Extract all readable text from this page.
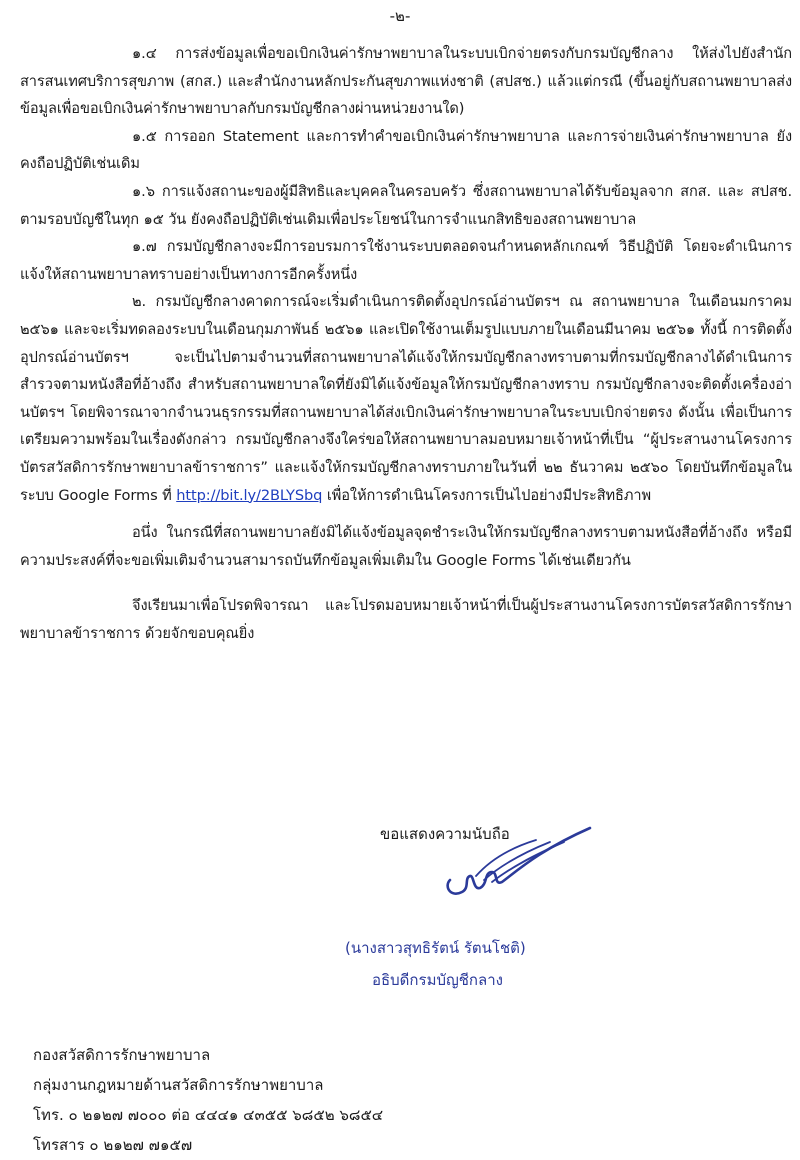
-๒-

๑.๔ การส่งข้อมูลเพื่อขอเบิกเงินค่ารักษาพยาบาลในระบบเบิกจ่ายตรงกับกรมบัญชีกลาง ให้ส่งไปยังสำนักสารสนเทศบริการสุขภาพ (สกส.) และสำนักงานหลักประกันสุขภาพแห่งชาติ (สปสช.) แล้วแต่กรณี (ขึ้นอยู่กับสถานพยาบาลส่งข้อมูลเพื่อขอเบิกเงินค่ารักษาพยาบาลกับกรมบัญชีกลางผ่านหน่วยงานใด)

๑.๕ การออก Statement และการทำคำขอเบิกเงินค่ารักษาพยาบาล และการจ่ายเงินค่ารักษาพยาบาล ยังคงถือปฏิบัติเช่นเดิม

๑.๖ การแจ้งสถานะของผู้มีสิทธิและบุคคลในครอบครัว ซึ่งสถานพยาบาลได้รับข้อมูลจาก สกส. และ สปสช. ตามรอบบัญชีในทุก ๑๕ วัน ยังคงถือปฏิบัติเช่นเดิมเพื่อประโยชน์ในการจำแนกสิทธิของสถานพยาบาล

๑.๗ กรมบัญชีกลางจะมีการอบรมการใช้งานระบบตลอดจนกำหนดหลักเกณฑ์ วิธีปฏิบัติ โดยจะดำเนินการแจ้งให้สถานพยาบาลทราบอย่างเป็นทางการอีกครั้งหนึ่ง

๒. กรมบัญชีกลางคาดการณ์จะเริ่มดำเนินการติดตั้งอุปกรณ์อ่านบัตรฯ ณ สถานพยาบาล ในเดือนมกราคม ๒๕๖๑ และจะเริ่มทดลองระบบในเดือนกุมภาพันธ์ ๒๕๖๑ และเปิดใช้งานเต็มรูปแบบภายในเดือนมีนาคม ๒๕๖๑ ทั้งนี้ การติดตั้งอุปกรณ์อ่านบัตรฯ จะเป็นไปตามจำนวนที่สถานพยาบาลได้แจ้งให้กรมบัญชีกลางทราบตามที่กรมบัญชีกลางได้ดำเนินการสำรวจตามหนังสือที่อ้างถึง สำหรับสถานพยาบาลใดที่ยังมิได้แจ้งข้อมูลให้กรมบัญชีกลางทราบ กรมบัญชีกลางจะติดตั้งเครื่องอ่านบัตรฯ โดยพิจารณาจากจำนวนธุรกรรมที่สถานพยาบาลได้ส่งเบิกเงินค่ารักษาพยาบาลในระบบเบิกจ่ายตรง ดังนั้น เพื่อเป็นการเตรียมความพร้อมในเรื่องดังกล่าว กรมบัญชีกลางจึงใคร่ขอให้สถานพยาบาลมอบหมายเจ้าหน้าที่เป็น “ผู้ประสานงานโครงการบัตรสวัสดิการรักษาพยาบาลข้าราชการ” และแจ้งให้กรมบัญชีกลางทราบภายในวันที่ ๒๒ ธันวาคม ๒๕๖๐ โดยบันทึกข้อมูลในระบบ Google Forms ที่ http://bit.ly/2BLYSbq เพื่อให้การดำเนินโครงการเป็นไปอย่างมีประสิทธิภาพ

อนึ่ง ในกรณีที่สถานพยาบาลยังมิได้แจ้งข้อมูลจุดชำระเงินให้กรมบัญชีกลางทราบตามหนังสือที่อ้างถึง หรือมีความประสงค์ที่จะขอเพิ่มเติมจำนวนสามารถบันทึกข้อมูลเพิ่มเติมใน Google Forms ได้เช่นเดียวกัน

จึงเรียนมาเพื่อโปรดพิจารณา และโปรดมอบหมายเจ้าหน้าที่เป็นผู้ประสานงานโครงการบัตรสวัสดิการรักษาพยาบาลข้าราชการ ด้วยจักขอบคุณยิ่ง

ขอแสดงความนับถือ
(นางสาวสุทธิรัตน์ รัตนโชติ)
อธิบดีกรมบัญชีกลาง
กองสวัสดิการรักษาพยาบาล
กลุ่มงานกฎหมายด้านสวัสดิการรักษาพยาบาล
โทร. ๐ ๒๑๒๗ ๗๐๐๐ ต่อ ๔๔๔๑ ๔๓๕๕ ๖๘๕๒ ๖๘๕๔
โทรสาร ๐ ๒๑๒๗ ๗๑๕๗
